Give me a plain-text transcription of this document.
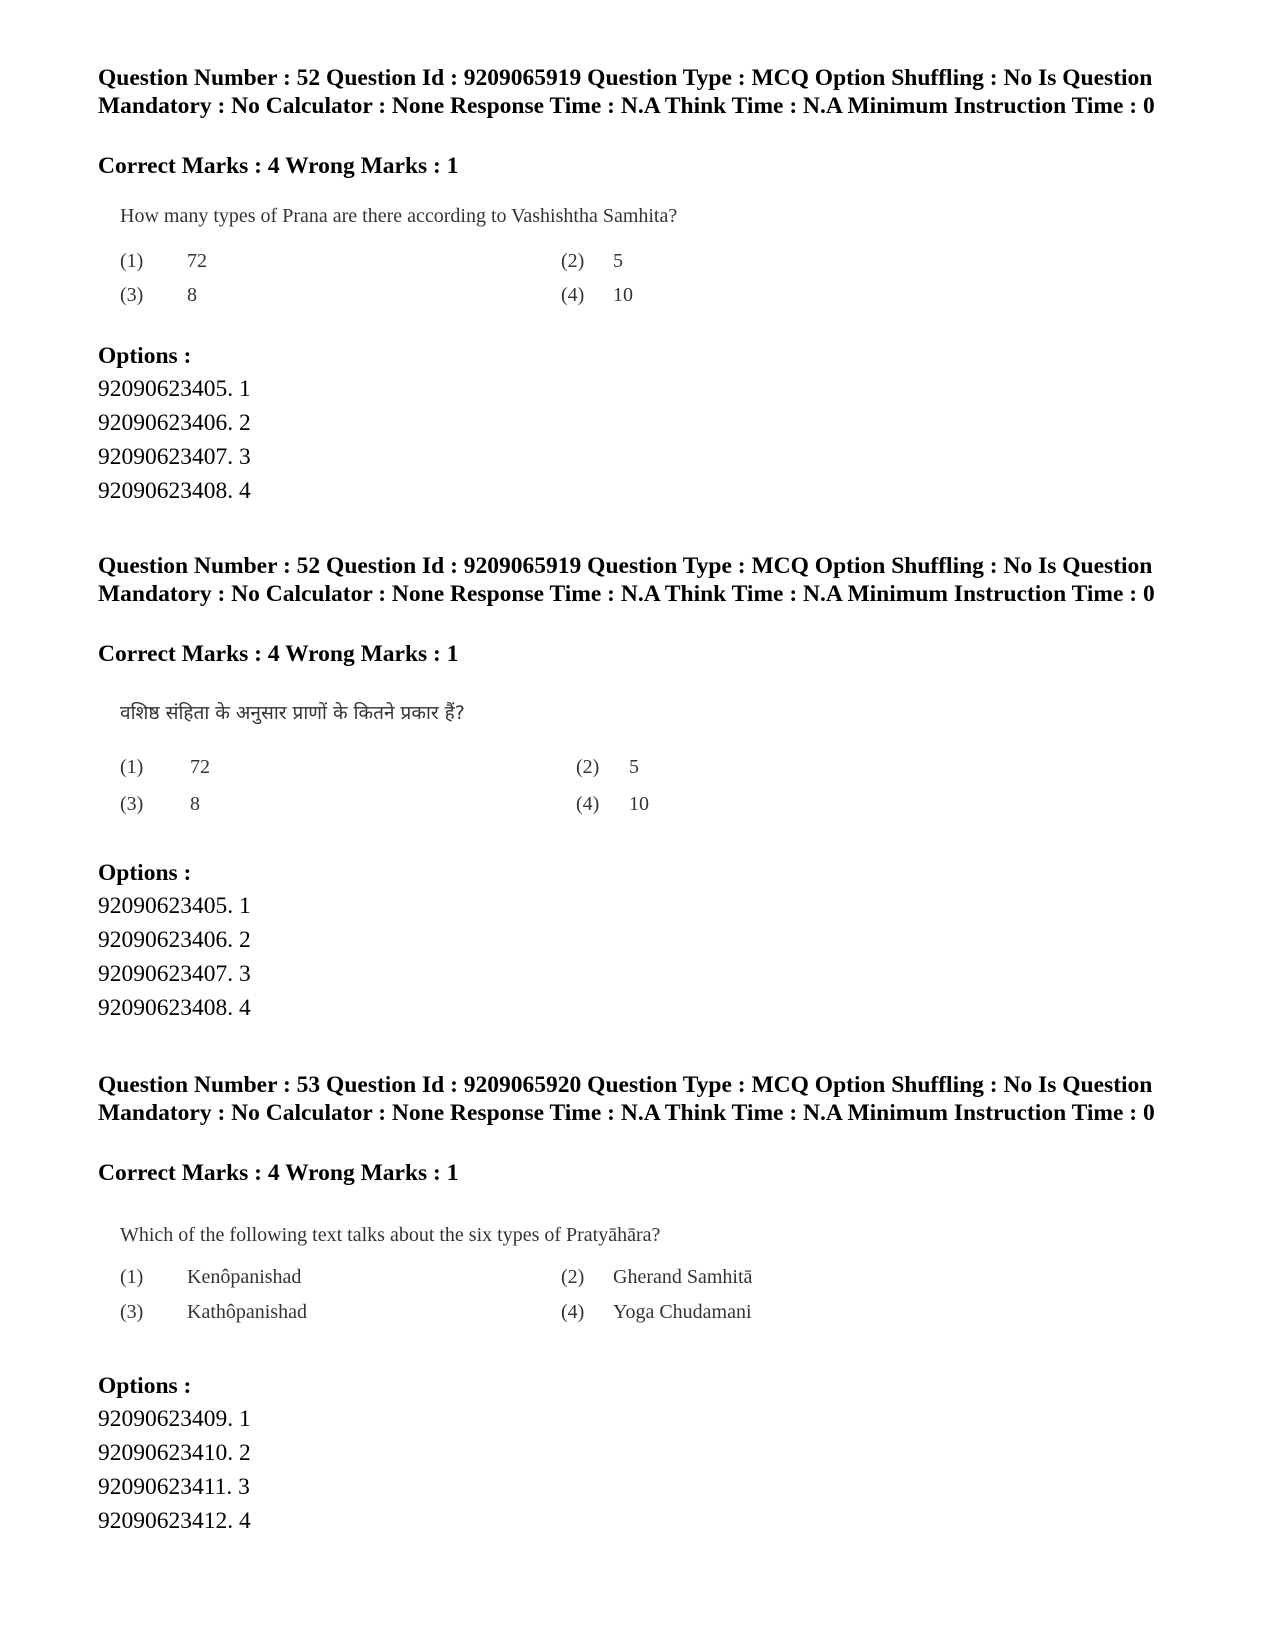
Question Number : 52 Question Id : 9209065919 Question Type : MCQ Option Shuffling : No Is Question Mandatory : No Calculator : None Response Time : N.A Think Time : N.A Minimum Instruction Time : 0
Correct Marks : 4 Wrong Marks : 1
How many types of Prana are there according to Vashishtha Samhita?
(1) 72	(2) 5
(3) 8	(4) 10
Options :
92090623405. 1
92090623406. 2
92090623407. 3
92090623408. 4
Question Number : 52 Question Id : 9209065919 Question Type : MCQ Option Shuffling : No Is Question Mandatory : No Calculator : None Response Time : N.A Think Time : N.A Minimum Instruction Time : 0
Correct Marks : 4 Wrong Marks : 1
वशिष्ठ संहिता के अनुसार प्राणों के कितने प्रकार हैं?
(1) 72	(2) 5
(3) 8	(4) 10
Options :
92090623405. 1
92090623406. 2
92090623407. 3
92090623408. 4
Question Number : 53 Question Id : 9209065920 Question Type : MCQ Option Shuffling : No Is Question Mandatory : No Calculator : None Response Time : N.A Think Time : N.A Minimum Instruction Time : 0
Correct Marks : 4 Wrong Marks : 1
Which of the following text talks about the six types of Pratyāhāra?
(1) Kenôpanishad	(2) Gherand Samhitā
(3) Kathôpanishad	(4) Yoga Chudamani
Options :
92090623409. 1
92090623410. 2
92090623411. 3
92090623412. 4
